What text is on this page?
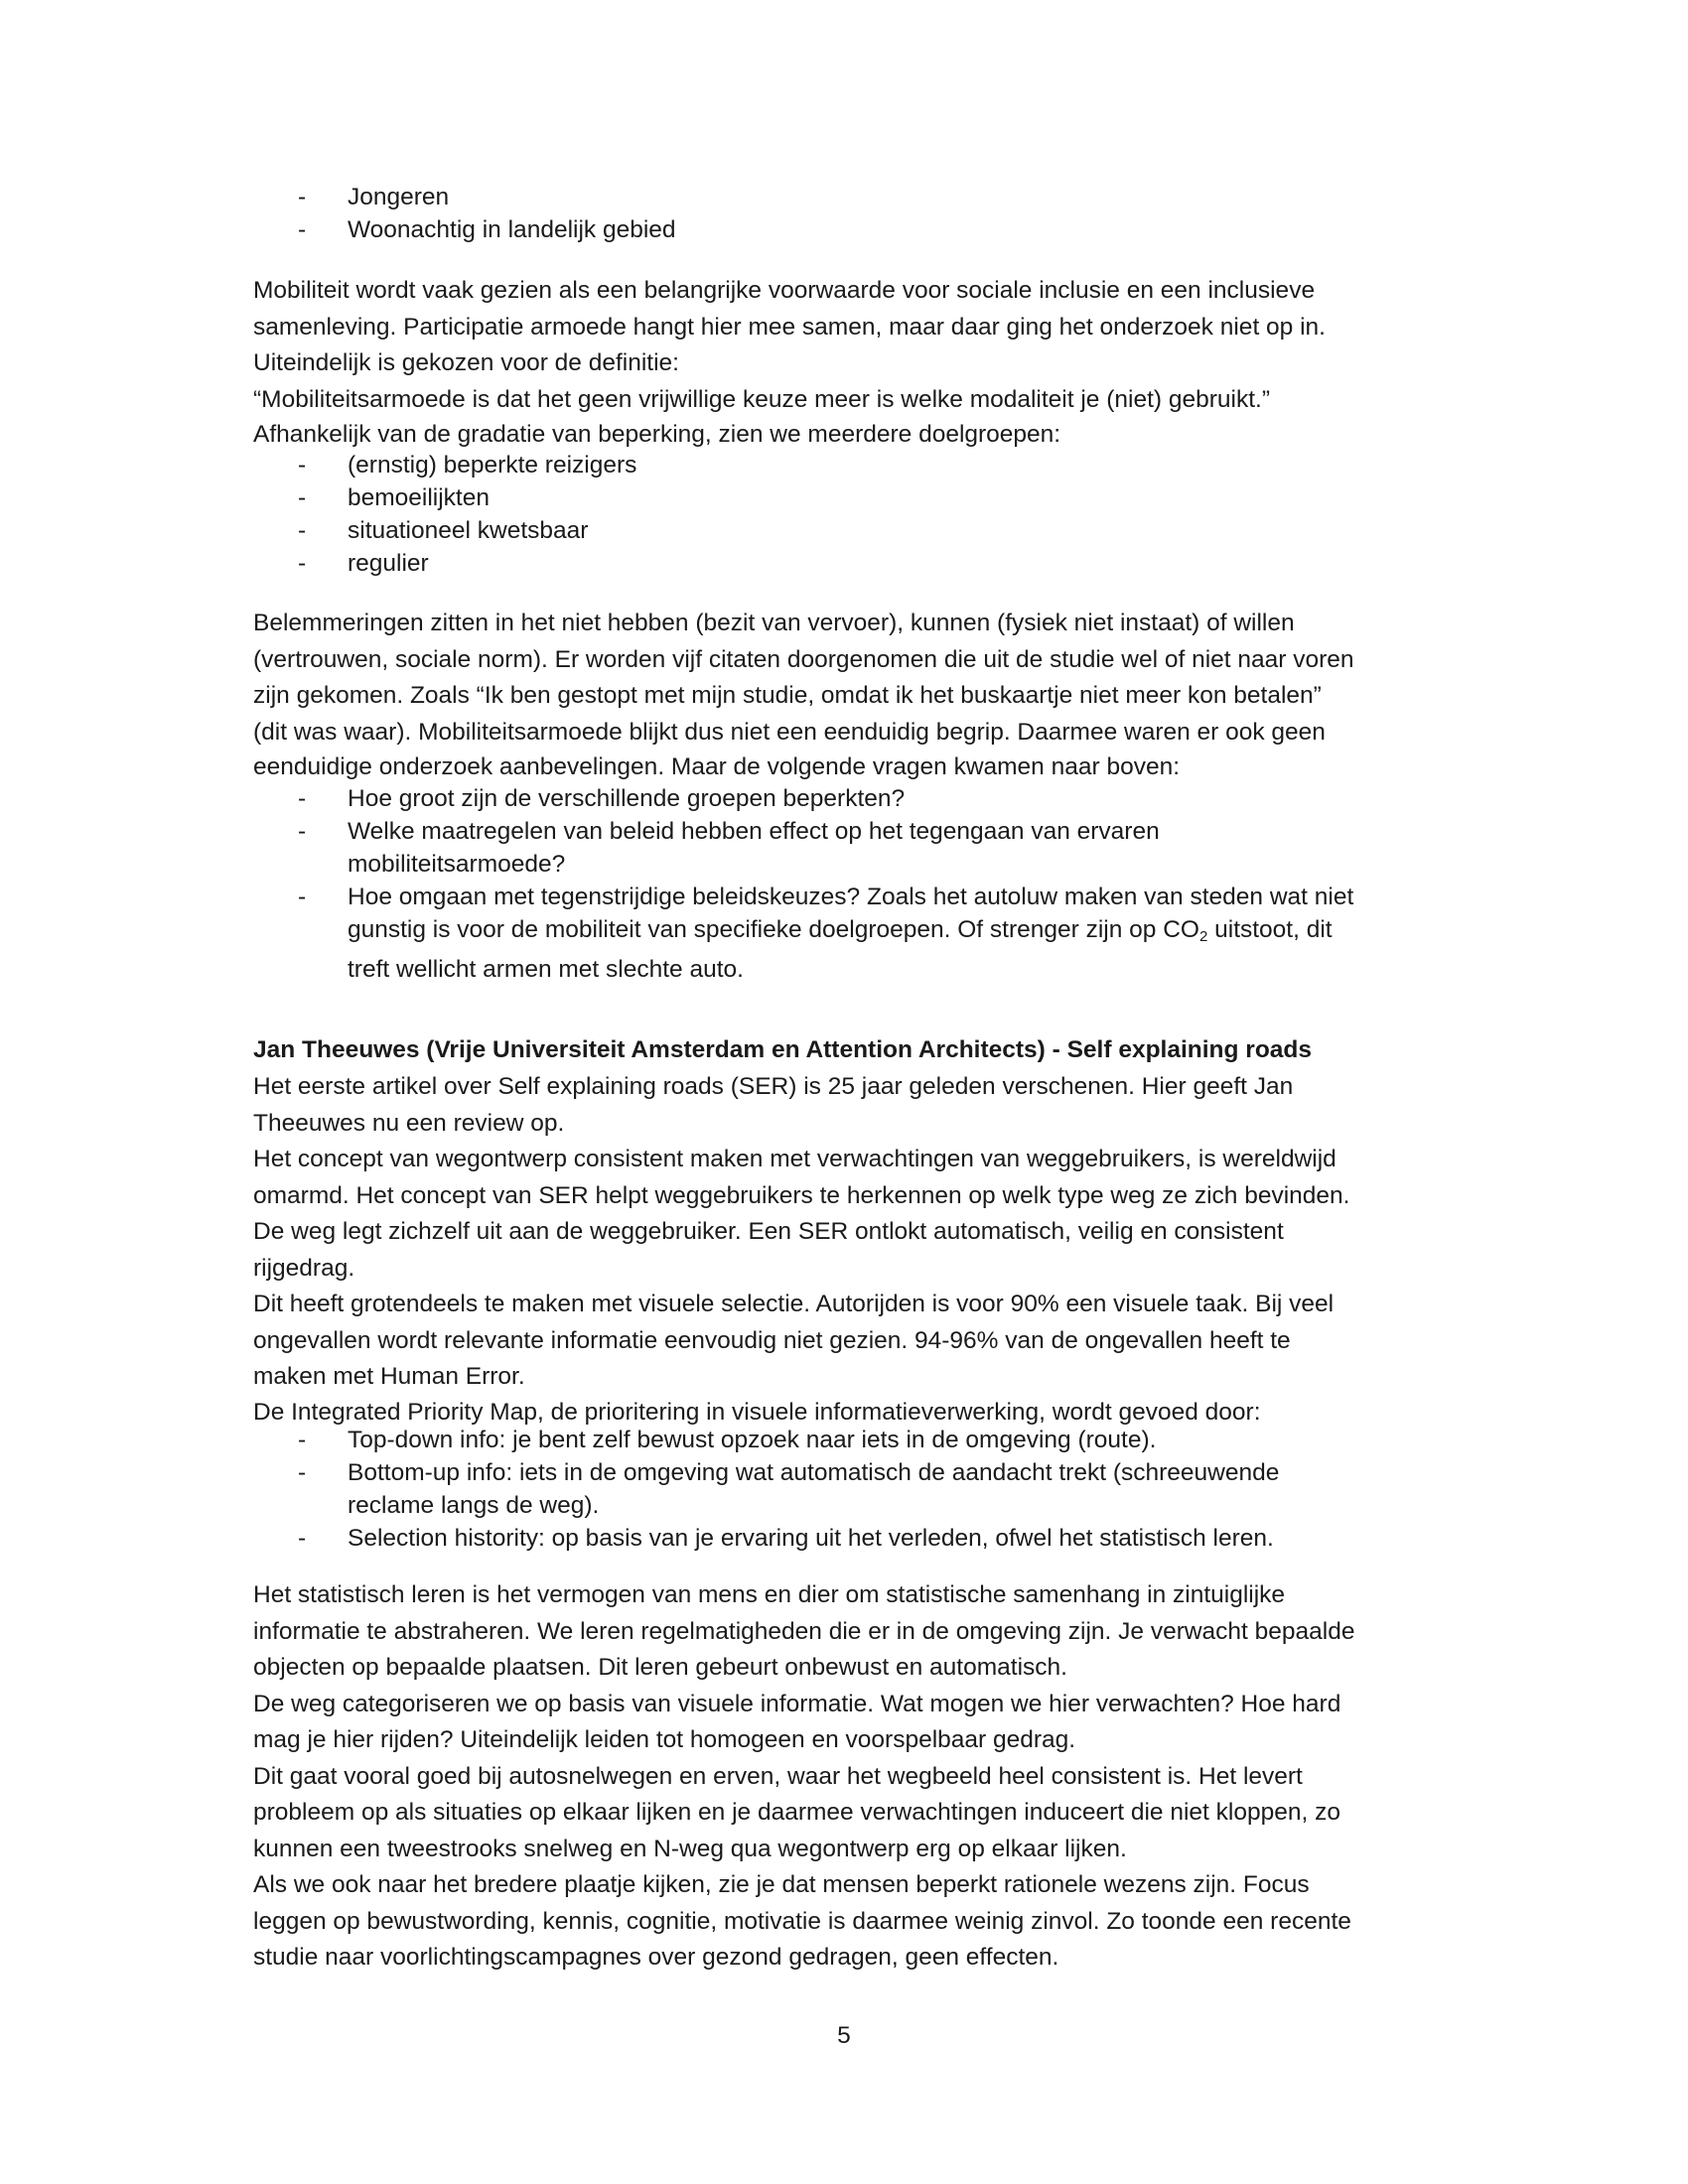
- Jongeren
- Woonachtig in landelijk gebied

Mobiliteit wordt vaak gezien als een belangrijke voorwaarde voor sociale inclusie en een inclusieve

samenleving. Participatie armoede hangt hier mee samen, maar daar ging het onderzoek niet op in.

Uiteindelijk is gekozen voor de definitie:

“Mobiliteitsarmoede is dat het geen vrijwillige keuze meer is welke modaliteit je (niet) gebruikt.”

Afhankelijk van de gradatie van beperking, zien we meerdere doelgroepen:

- (ernstig) beperkte reizigers
- bemoeilijkten
- situationeel kwetsbaar
- regulier

Belemmeringen zitten in het niet hebben (bezit van vervoer), kunnen (fysiek niet instaat) of willen

(vertrouwen, sociale norm). Er worden vijf citaten doorgenomen die uit de studie wel of niet naar voren

zijn gekomen. Zoals “Ik ben gestopt met mijn studie, omdat ik het buskaartje niet meer kon betalen”

(dit was waar). Mobiliteitsarmoede blijkt dus niet een eenduidig begrip. Daarmee waren er ook geen

eenduidige onderzoek aanbevelingen. Maar de volgende vragen kwamen naar boven:

- Hoe groot zijn de verschillende groepen beperkten?
- Welke maatregelen van beleid hebben effect op het tegengaan van ervaren
mobiliteitsarmoede?
- Hoe omgaan met tegenstrijdige beleidskeuzes? Zoals het autoluw maken van steden wat niet
gunstig is voor de mobiliteit van specifieke doelgroepen. Of strenger zijn op $CO_2$ uitstoot, dit
treft wellicht armen met slechte auto.
Jan Theeuwes (Vrije Universiteit Amsterdam en Attention Architects) - Self explaining roads

Het eerste artikel over Self explaining roads (SER) is 25 jaar geleden verschenen. Hier geeft Jan

Theeuwes nu een review op.

Het concept van wegontwerp consistent maken met verwachtingen van weggebruikers, is wereldwijd

omarmd. Het concept van SER helpt weggebruikers te herkennen op welk type weg ze zich bevinden.

De weg legt zichzelf uit aan de weggebruiker. Een SER ontlokt automatisch, veilig en consistent

rijgedrag.

Dit heeft grotendeels te maken met visuele selectie. Autorijden is voor 90% een visuele taak. Bij veel

ongevallen wordt relevante informatie eenvoudig niet gezien. 94-96% van de ongevallen heeft te

maken met Human Error.

De Integrated Priority Map, de prioritering in visuele informatieverwerking, wordt gevoed door:

- Top-down info: je bent zelf bewust opzoek naar iets in de omgeving (route).
- Bottom-up info: iets in de omgeving wat automatisch de aandacht trekt (schreeuwende
reclame langs de weg).
- Selection histority: op basis van je ervaring uit het verleden, ofwel het statistisch leren.

Het statistisch leren is het vermogen van mens en dier om statistische samenhang in zintuiglijke

informatie te abstraheren. We leren regelmatigheden die er in de omgeving zijn. Je verwacht bepaalde

objecten op bepaalde plaatsen. Dit leren gebeurt onbewust en automatisch.

De weg categoriseren we op basis van visuele informatie. Wat mogen we hier verwachten? Hoe hard

mag je hier rijden? Uiteindelijk leiden tot homogeen en voorspelbaar gedrag.

Dit gaat vooral goed bij autosnelwegen en erven, waar het wegbeeld heel consistent is. Het levert

probleem op als situaties op elkaar lijken en je daarmee verwachtingen induceert die niet kloppen, zo

kunnen een tweestrooks snelweg en N-weg qua wegontwerp erg op elkaar lijken.

Als we ook naar het bredere plaatje kijken, zie je dat mensen beperkt rationele wezens zijn. Focus

leggen op bewustwording, kennis, cognitie, motivatie is daarmee weinig zinvol. Zo toonde een recente

studie naar voorlichtingscampagnes over gezond gedragen, geen effecten.

5
